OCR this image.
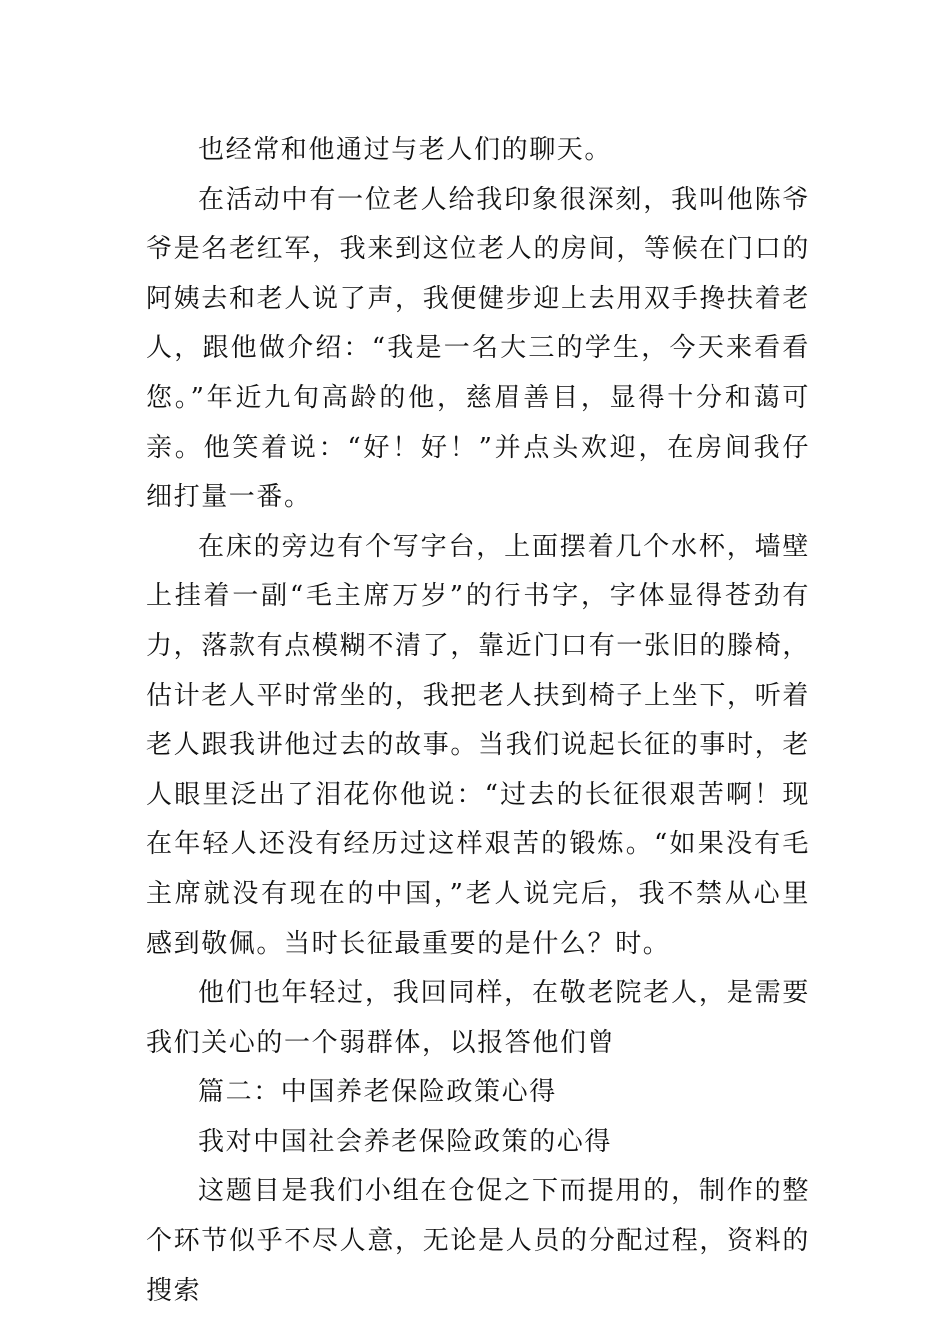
也经常和他通过与老人们的聊天。

在活动中有一位老人给我印象很深刻，我叫他陈爷爷是名老红军，我来到这位老人的房间，等候在门口的阿姨去和老人说了声，我便健步迎上去用双手搀扶着老人，跟他做介绍：“我是一名大三的学生，今天来看看您。”年近九旬高龄的他，慈眉善目，显得十分和蔼可亲。他笑着说：“好！好！”并点头欢迎，在房间我仔细打量一番。

在床的旁边有个写字台，上面摆着几个水杯，墙壁上挂着一副“毛主席万岁”的行书字，字体显得苍劲有力，落款有点模糊不清了，靠近门口有一张旧的滕椅，估计老人平时常坐的，我把老人扶到椅子上坐下，听着老人跟我讲他过去的故事。当我们说起长征的事时，老人眼里泛出了泪花你他说：“过去的长征很艰苦啊！现在年轻人还没有经历过这样艰苦的锻炼。“如果没有毛主席就没有现在的中国，”老人说完后，我不禁从心里感到敬佩。当时长征最重要的是什么？时。

他们也年轻过，我回同样，在敬老院老人，是需要我们关心的一个弱群体，以报答他们曾

篇二：中国养老保险政策心得

我对中国社会养老保险政策的心得

这题目是我们小组在仓促之下而提用的，制作的整个环节似乎不尽人意，无论是人员的分配过程，资料的搜索
